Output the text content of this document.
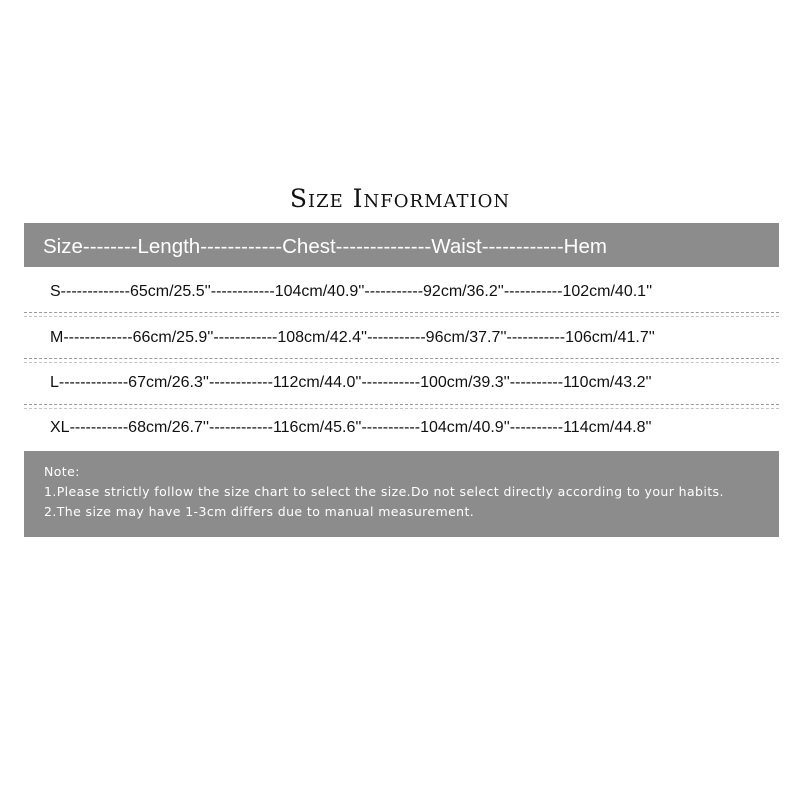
Size Information
Size--------Length------------Chest--------------Waist------------Hem
S-------------65cm/25.5''------------104cm/40.9''-----------92cm/36.2''-----------102cm/40.1''
M-------------66cm/25.9''------------108cm/42.4''-----------96cm/37.7''-----------106cm/41.7''
L-------------67cm/26.3''------------112cm/44.0''-----------100cm/39.3''----------110cm/43.2''
XL-----------68cm/26.7''------------116cm/45.6''-----------104cm/40.9''----------114cm/44.8''
Note:
1.Please strictly follow the size chart to select the size.Do not select directly according to your habits.
2.The size may have 1-3cm differs due to manual measurement.
